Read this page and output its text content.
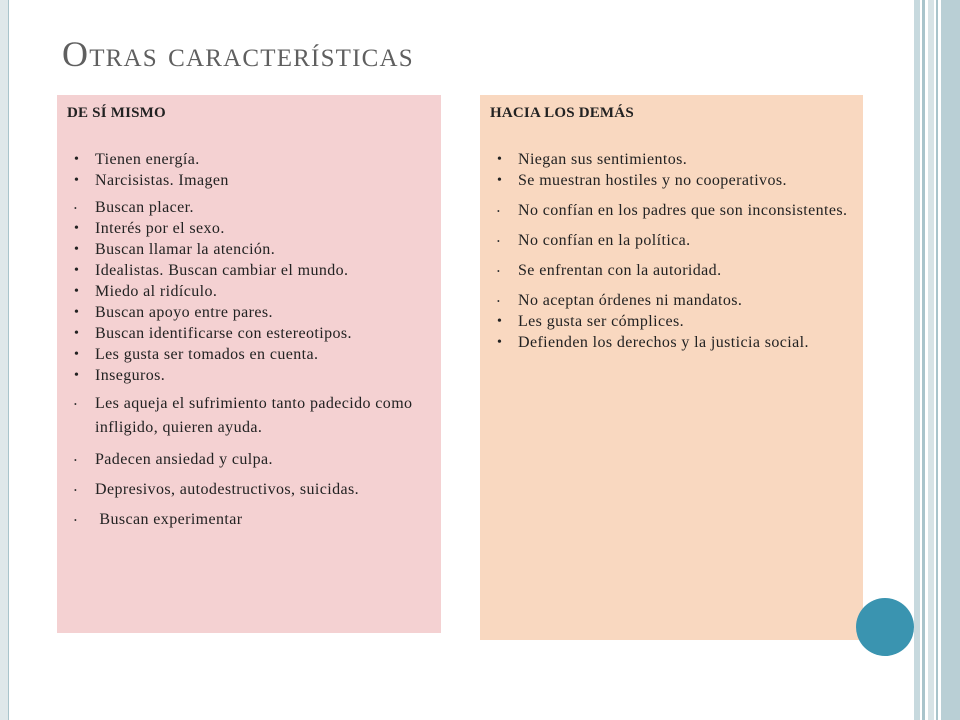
Otras características
DE SÍ MISMO
• Tienen energía.
• Narcisistas. Imagen
• Buscan placer.
• Interés por el sexo.
• Buscan llamar la atención.
• Idealistas. Buscan cambiar el mundo.
• Miedo al ridículo.
• Buscan apoyo entre pares.
• Buscan identificarse con estereotipos.
• Les gusta ser tomados en cuenta.
• Inseguros.
• Les aqueja el sufrimiento tanto padecido como infligido, quieren ayuda.
• Padecen ansiedad y culpa.
• Depresivos, autodestructivos, suicidas.
• Buscan experimentar
HACIA LOS DEMÁS
• Niegan sus sentimientos.
• Se muestran hostiles y no cooperativos.
• No confían en los padres que son inconsistentes.
• No confían en la política.
• Se enfrentan con la autoridad.
• No aceptan órdenes ni mandatos.
• Les gusta ser cómplices.
• Defienden los derechos y la justicia social.
